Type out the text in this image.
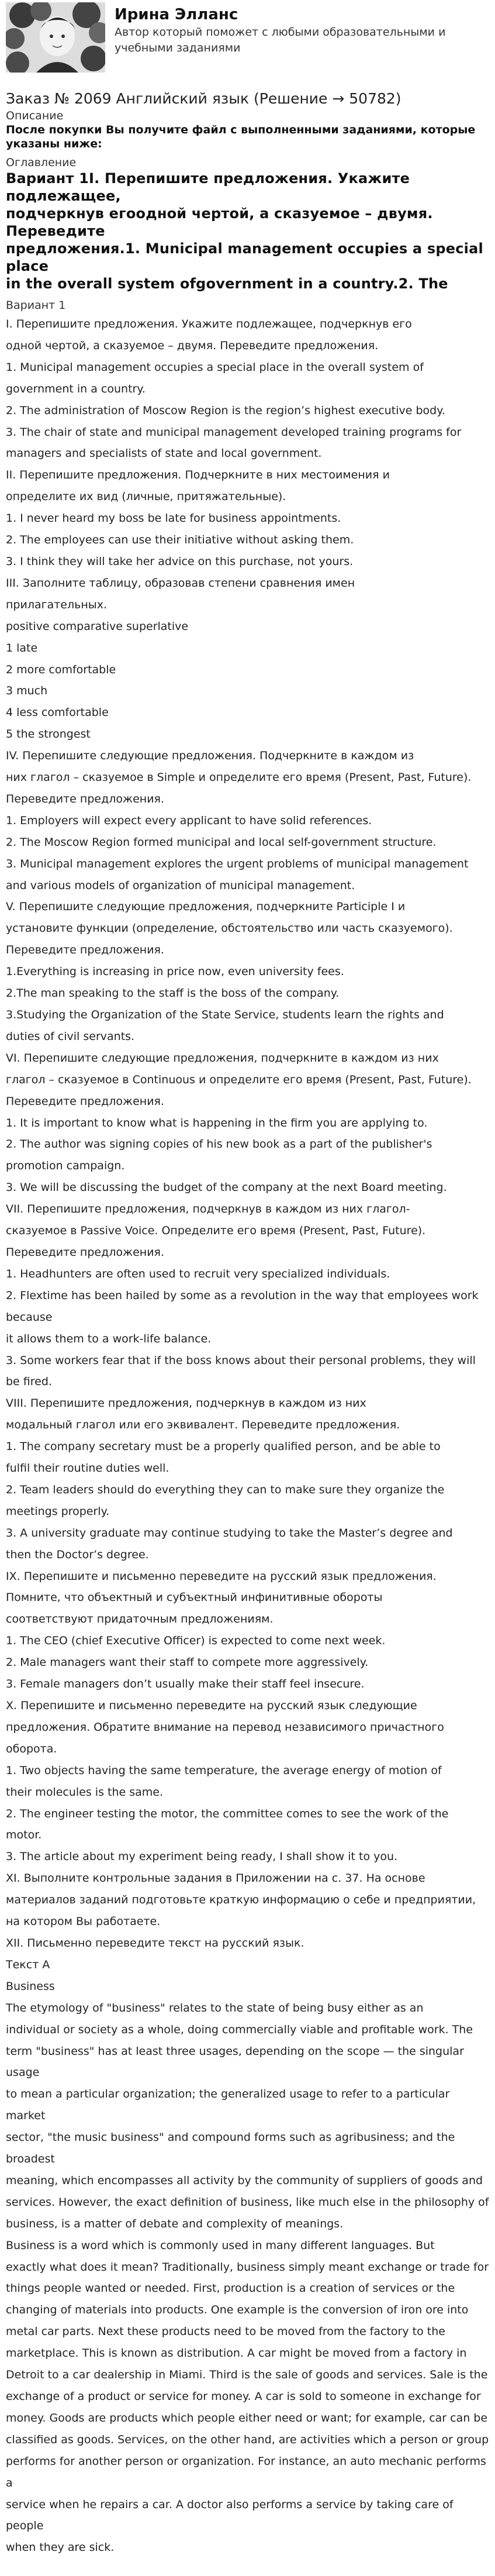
Ирина Элланс
Автор который поможет с любыми образовательными и
учебными заданиями
Заказ № 2069 Английский язык (Решение → 50782)
Описание
После покупки Вы получите файл с выполненными заданиями, которые
указаны ниже:
Оглавление
Вариант 1I. Перепишите предложения. Укажите подлежащее,
подчеркнув егоодной чертой, а сказуемое – двумя. Переведите
предложения.1. Municipal management occupies a special place
in the overall system ofgovernment in a country.2. The
Вариант 1
I. Перепишите предложения. Укажите подлежащее, подчеркнув его
одной чертой, а сказуемое – двумя. Переведите предложения.
1. Municipal management occupies a special place in the overall system of
government in a country.
2. The administration of Moscow Region is the region’s highest executive body.
3. The chair of state and municipal management developed training programs for
managers and specialists of state and local government.
II. Перепишите предложения. Подчеркните в них местоимения и
определите их вид (личные, притяжательные).
1. I never heard my boss be late for business appointments.
2. The employees can use their initiative without asking them.
3. I think they will take her advice on this purchase, not yours.
III. Заполните таблицу, образовав степени сравнения имен
прилагательных.
positive comparative superlative
1 late
2 more comfortable
3 much
4 less comfortable
5 the strongest
IV. Перепишите следующие предложения. Подчеркните в каждом из
них глагол – сказуемое в Simple и определите его время (Present, Past, Future).
Переведите предложения.
1. Employers will expect every applicant to have solid references.
2. The Moscow Region formed municipal and local self-government structure.
3. Municipal management explores the urgent problems of municipal management
and various models of organization of municipal management.
V. Перепишите следующие предложения, подчеркните Participle I и
установите функции (определение, обстоятельство или часть сказуемого).
Переведите предложения.
1.Everything is increasing in price now, even university fees.
2.The man speaking to the staff is the boss of the company.
3.Studying the Organization of the State Service, students learn the rights and
duties of civil servants.
VI. Перепишите следующие предложения, подчеркните в каждом из них
глагол – сказуемое в Continuous и определите его время (Present, Past, Future).
Переведите предложения.
1. It is important to know what is happening in the firm you are applying to.
2. The author was signing copies of his new book as a part of the publisher's
promotion campaign.
3. We will be discussing the budget of the company at the next Board meeting.
VII. Перепишите предложения, подчеркнув в каждом из них глагол-
сказуемое в Passive Voice. Определите его время (Present, Past, Future).
Переведите предложения.
1. Headhunters are often used to recruit very specialized individuals.
2. Flextime has been hailed by some as a revolution in the way that employees work
because
it allows them to a work-life balance.
3. Some workers fear that if the boss knows about their personal problems, they will
be fired.
VIII. Перепишите предложения, подчеркнув в каждом из них
модальный глагол или его эквивалент. Переведите предложения.
1. The company secretary must be a properly qualified person, and be able to
fulfil their routine duties well.
2. Team leaders should do everything they can to make sure they organize the
meetings properly.
3. A university graduate may continue studying to take the Master’s degree and
then the Doctor’s degree.
IX. Перепишите и письменно переведите на русский язык предложения.
Помните, что объектный и субъектный инфинитивные обороты
соответствуют придаточным предложениям.
1. The CEO (chief Executive Officer) is expected to come next week.
2. Male managers want their staff to compete more aggressively.
3. Female managers don’t usually make their staff feel insecure.
X. Перепишите и письменно переведите на русский язык следующие
предложения. Обратите внимание на перевод независимого причастного
оборота.
1. Two objects having the same temperature, the average energy of motion of
their molecules is the same.
2. The engineer testing the motor, the committee comes to see the work of the
motor.
3. The article about my experiment being ready, I shall show it to you.
XI. Выполните контрольные задания в Приложении на с. 37. На основе
материалов заданий подготовьте краткую информацию о себе и предприятии,
на котором Вы работаете.
XII. Письменно переведите текст на русский язык.
Текст А
Business
The etymology of "business" relates to the state of being busy either as an
individual or society as a whole, doing commercially viable and profitable work. The
term "business" has at least three usages, depending on the scope — the singular
usage
to mean a particular organization; the generalized usage to refer to a particular
market
sector, "the music business" and compound forms such as agribusiness; and the
broadest
meaning, which encompasses all activity by the community of suppliers of goods and
services. However, the exact definition of business, like much else in the philosophy of
business, is a matter of debate and complexity of meanings.
Business is a word which is commonly used in many different languages. But
exactly what does it mean? Traditionally, business simply meant exchange or trade for
things people wanted or needed. First, production is a creation of services or the
changing of materials into products. One example is the conversion of iron ore into
metal car parts. Next these products need to be moved from the factory to the
marketplace. This is known as distribution. A car might be moved from a factory in
Detroit to a car dealership in Miami. Third is the sale of goods and services. Sale is the
exchange of a product or service for money. A car is sold to someone in exchange for
money. Goods are products which people either need or want; for example, car can be
classified as goods. Services, on the other hand, are activities which a person or group
performs for another person or organization. For instance, an auto mechanic performs
a
service when he repairs a car. A doctor also performs a service by taking care of
people
when they are sick.
